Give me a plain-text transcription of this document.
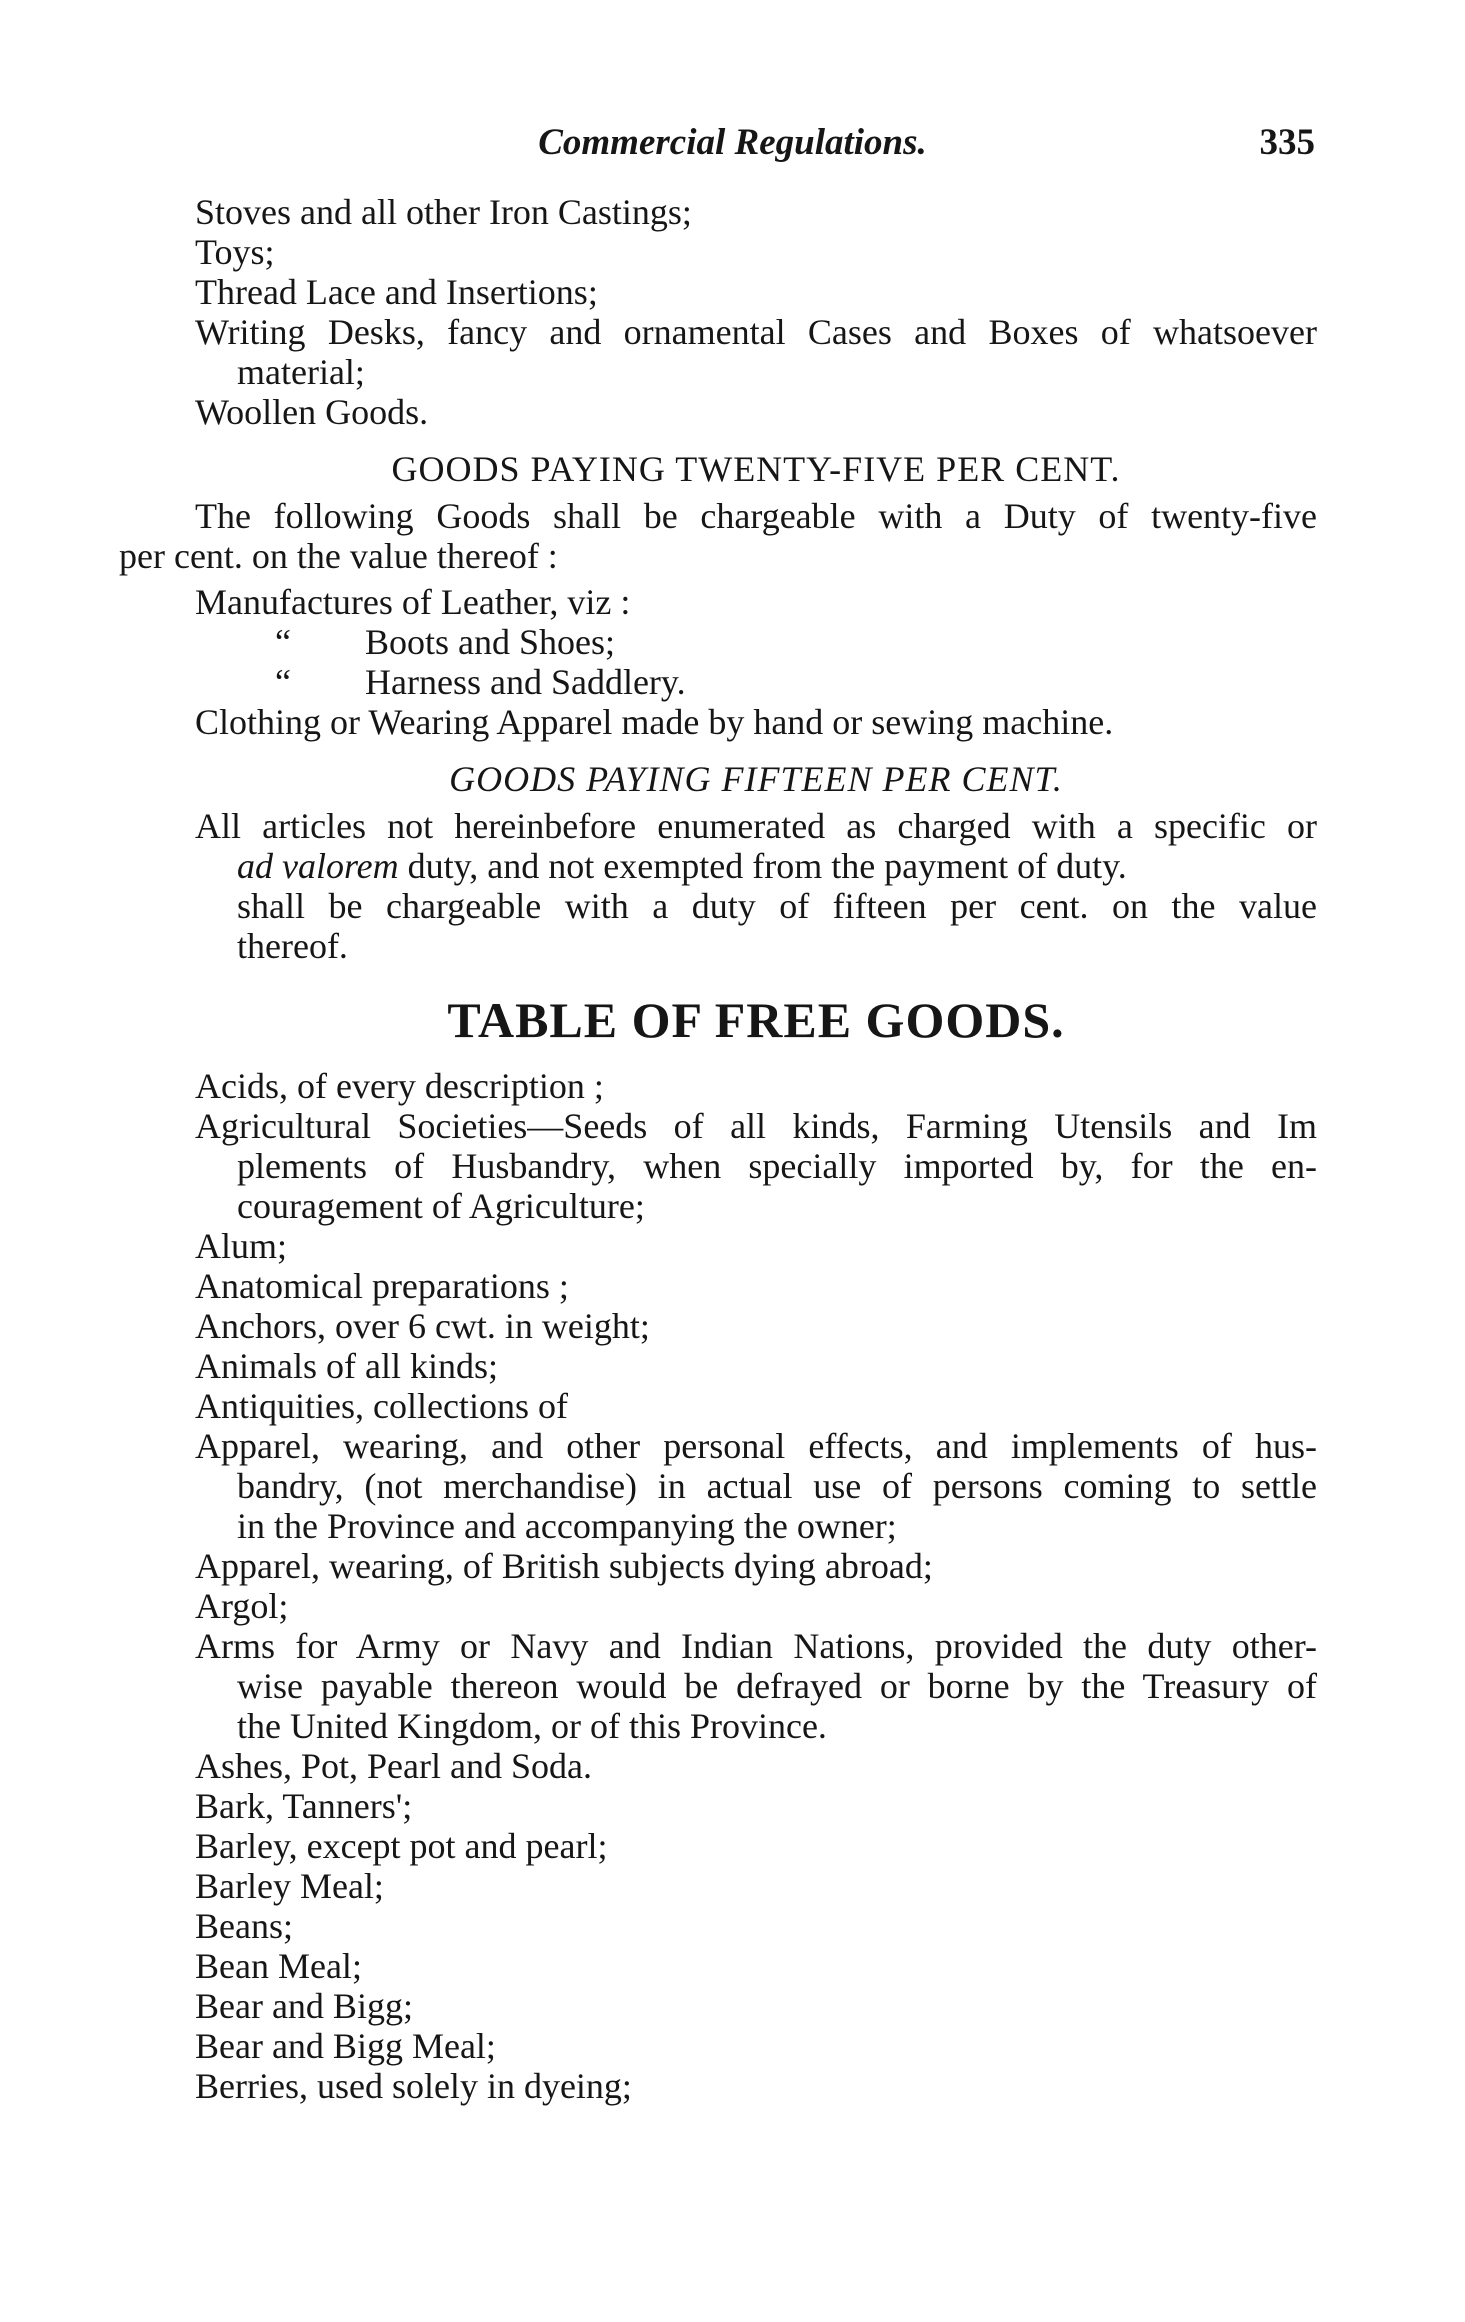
Commercial Regulations.	335
Stoves and all other Iron Castings;
Toys;
Thread Lace and Insertions;
Writing Desks, fancy and ornamental Cases and Boxes of whatsoever
material;
Woollen Goods.
GOODS PAYING TWENTY-FIVE PER CENT.
The following Goods shall be chargeable with a Duty of twenty-five
per cent. on the value thereof :
Manufactures of Leather, viz :
“ Boots and Shoes;
“ Harness and Saddlery.
Clothing or Wearing Apparel made by hand or sewing machine.
GOODS PAYING FIFTEEN PER CENT.
All articles not hereinbefore enumerated as charged with a specific or
ad valorem duty, and not exempted from the payment of duty.
shall be chargeable with a duty of fifteen per cent. on the value
thereof.
TABLE OF FREE GOODS.
Acids, of every description ;
Agricultural Societies—Seeds of all kinds, Farming Utensils and Im
plements of Husbandry, when specially imported by, for the en-
couragement of Agriculture;
Alum;
Anatomical preparations ;
Anchors, over 6 cwt. in weight;
Animals of all kinds;
Antiquities, collections of
Apparel, wearing, and other personal effects, and implements of hus-
bandry, (not merchandise) in actual use of persons coming to settle
in the Province and accompanying the owner;
Apparel, wearing, of British subjects dying abroad;
Argol;
Arms for Army or Navy and Indian Nations, provided the duty other-
wise payable thereon would be defrayed or borne by the Treasury of
the United Kingdom, or of this Province.
Ashes, Pot, Pearl and Soda.
Bark, Tanners';
Barley, except pot and pearl;
Barley Meal;
Beans;
Bean Meal;
Bear and Bigg;
Bear and Bigg Meal;
Berries, used solely in dyeing;
